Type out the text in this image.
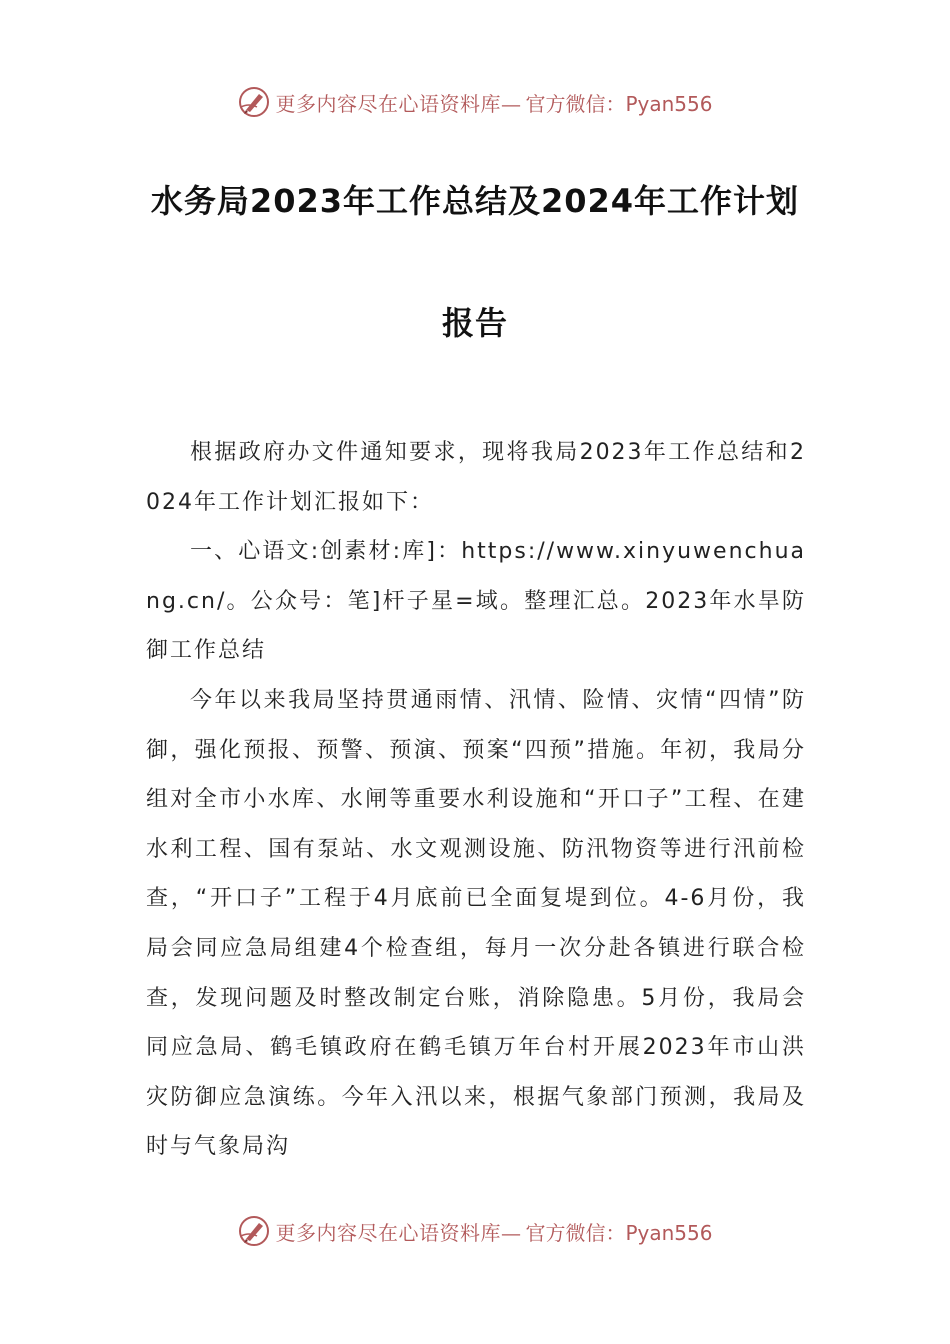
更多内容尽在心语资料库— 官方微信：Pyan556
水务局2023年工作总结及2024年工作计划
报告

根据政府办文件通知要求，现将我局2023年工作总结和2024年工作计划汇报如下：

一、心语文:创素材:库]：https://www.xinyuwenchuang.cn/。公众号：笔]杆子星=域。整理汇总。2023年水旱防御工作总结

今年以来我局坚持贯通雨情、汛情、险情、灾情“四情”防御，强化预报、预警、预演、预案“四预”措施。年初，我局分组对全市小水库、水闸等重要水利设施和“开口子”工程、在建水利工程、国有泵站、水文观测设施、防汛物资等进行汛前检查，“开口子”工程于4月底前已全面复堤到位。4-6月份，我局会同应急局组建4个检查组，每月一次分赴各镇进行联合检查，发现问题及时整改制定台账，消除隐患。5月份，我局会同应急局、鹤毛镇政府在鹤毛镇万年台村开展2023年市山洪灾防御应急演练。今年入汛以来，根据气象部门预测，我局及时与气象局沟

更多内容尽在心语资料库— 官方微信：Pyan556
